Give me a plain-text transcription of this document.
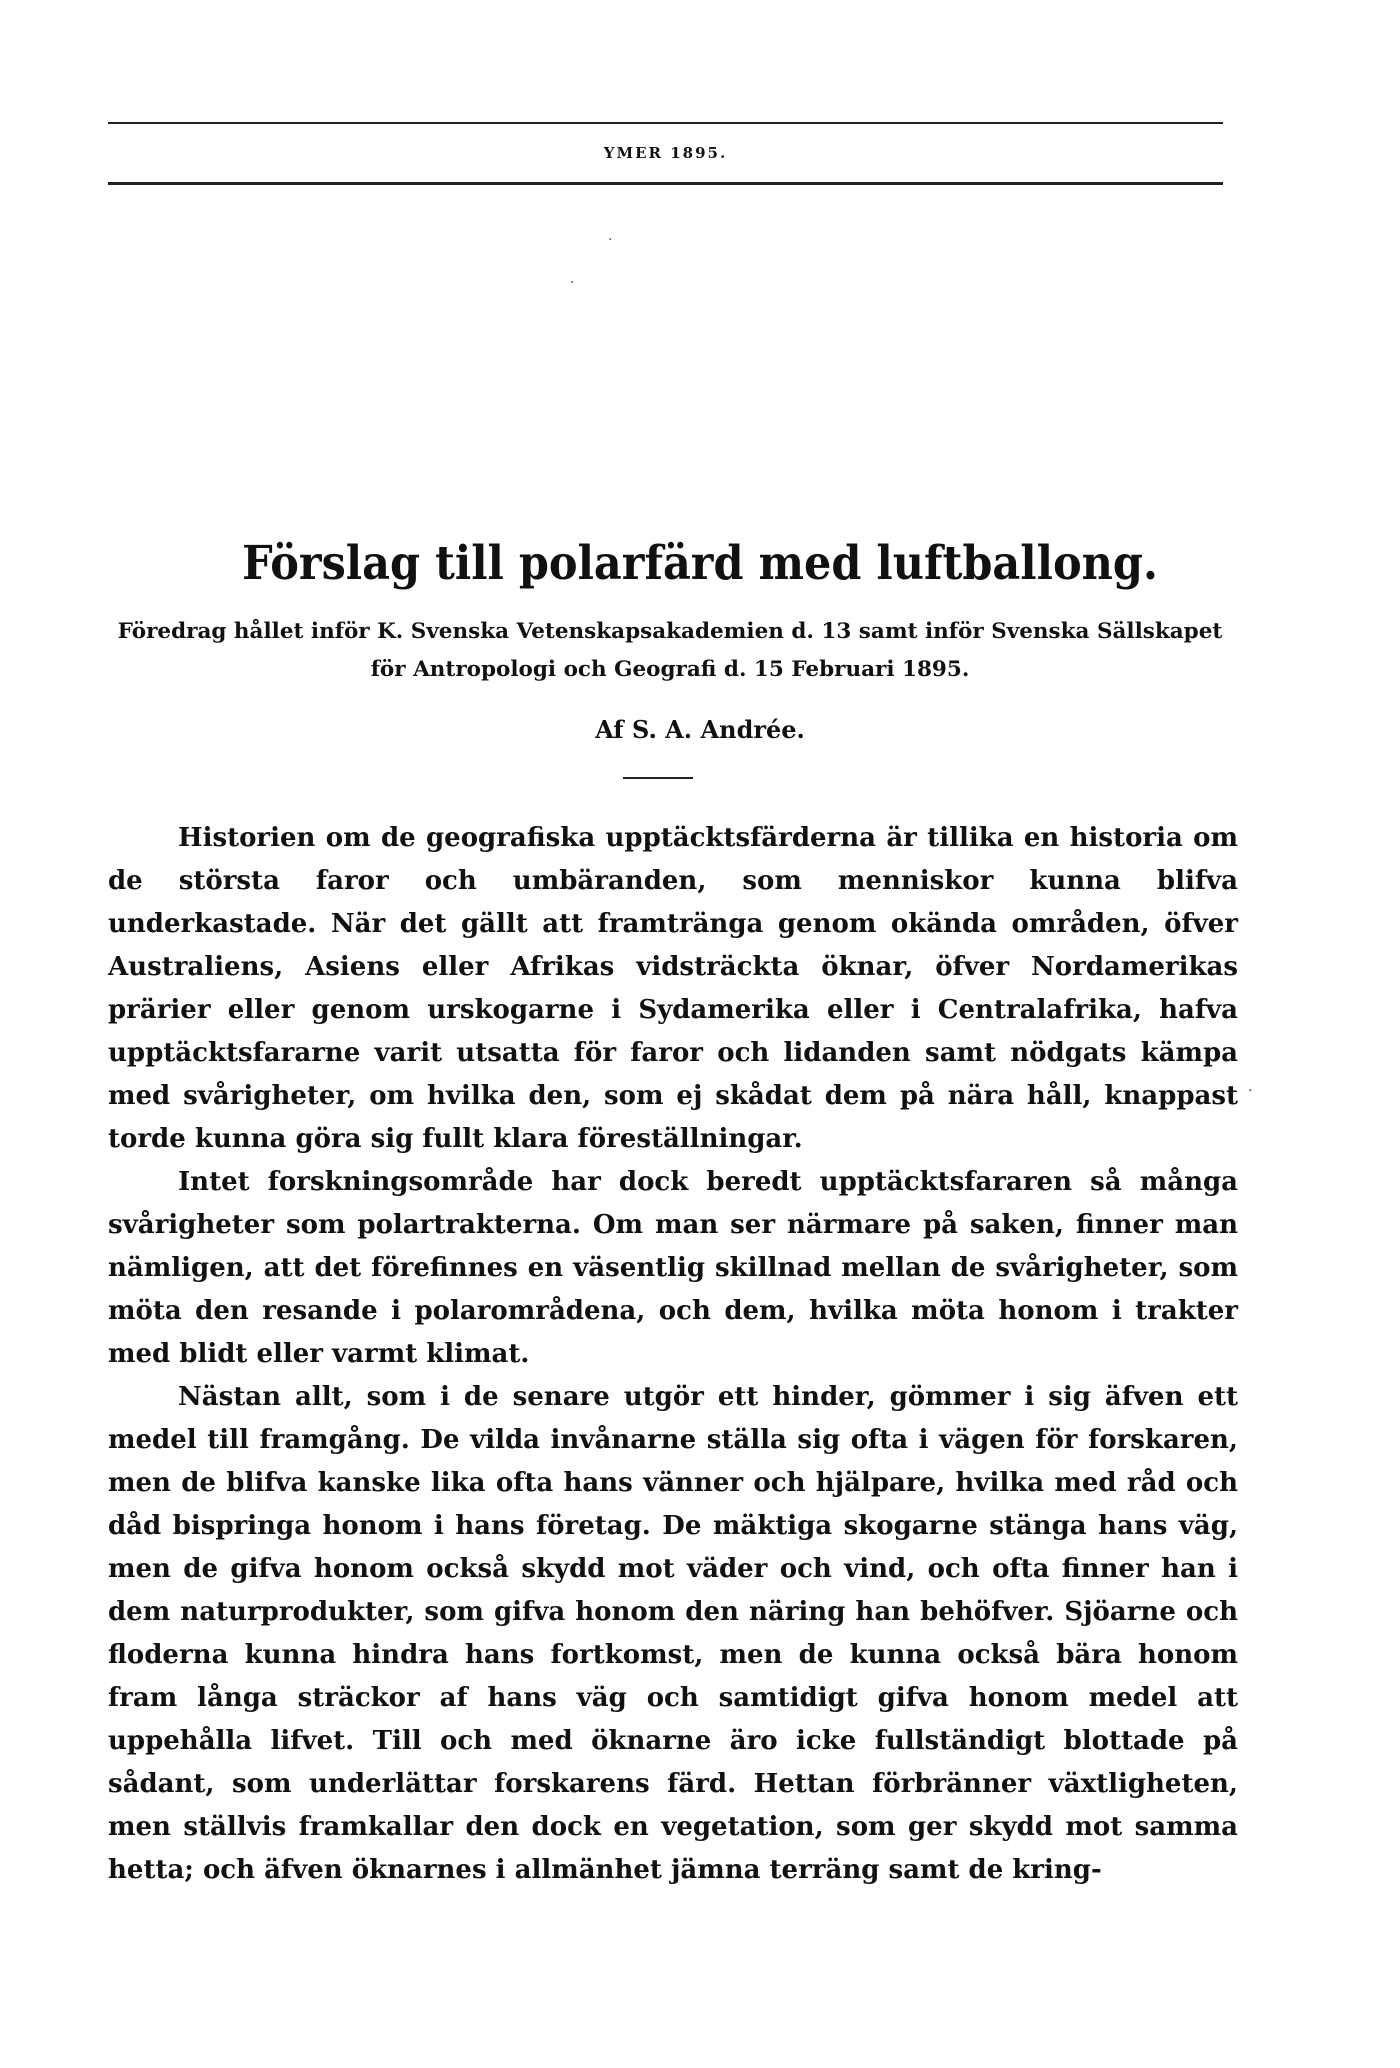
YMER 1895.
·
·
Förslag till polarfärd med luftballong.
Föredrag hållet inför K. Svenska Vetenskapsakademien d. 13 samt inför Svenska Sällskapet för Antropologi och Geografi d. 15 Februari 1895.
Af S. A. Andrée.

Historien om de geografiska upptäcktsfärderna är tillika en historia om de största faror och umbäranden, som menniskor kunna blifva underkastade. När det gällt att framtränga genom okända områden, öfver Australiens, Asiens eller Afrikas vidsträckta öknar, öfver Nordamerikas prärier eller genom urskogarne i Sydamerika eller i Centralafrika, hafva upptäcktsfararne varit utsatta för faror och lidanden samt nödgats kämpa med svårigheter, om hvilka den, som ej skådat dem på nära håll, knappast torde kunna göra sig fullt klara föreställningar.

Intet forskningsområde har dock beredt upptäcktsfararen så många svårigheter som polartrakterna. Om man ser närmare på saken, finner man nämligen, att det förefinnes en väsentlig skillnad mellan de svårigheter, som möta den resande i polarområdena, och dem, hvilka möta honom i trakter med blidt eller varmt klimat.

Nästan allt, som i de senare utgör ett hinder, gömmer i sig äfven ett medel till framgång. De vilda invånarne ställa sig ofta i vägen för forskaren, men de blifva kanske lika ofta hans vänner och hjälpare, hvilka med råd och dåd bispringa honom i hans företag. De mäktiga skogarne stänga hans väg, men de gifva honom också skydd mot väder och vind, och ofta finner han i dem naturprodukter, som gifva honom den näring han behöfver. Sjöarne och floderna kunna hindra hans fortkomst, men de kunna också bära honom fram långa sträckor af hans väg och samtidigt gifva honom medel att uppehålla lifvet. Till och med öknarne äro icke fullständigt blottade på sådant, som underlättar forskarens färd. Hettan förbränner växtligheten, men ställvis framkallar den dock en vegetation, som ger skydd mot samma hetta; och äfven öknarnes i allmänhet jämna terräng samt de kring-

·
